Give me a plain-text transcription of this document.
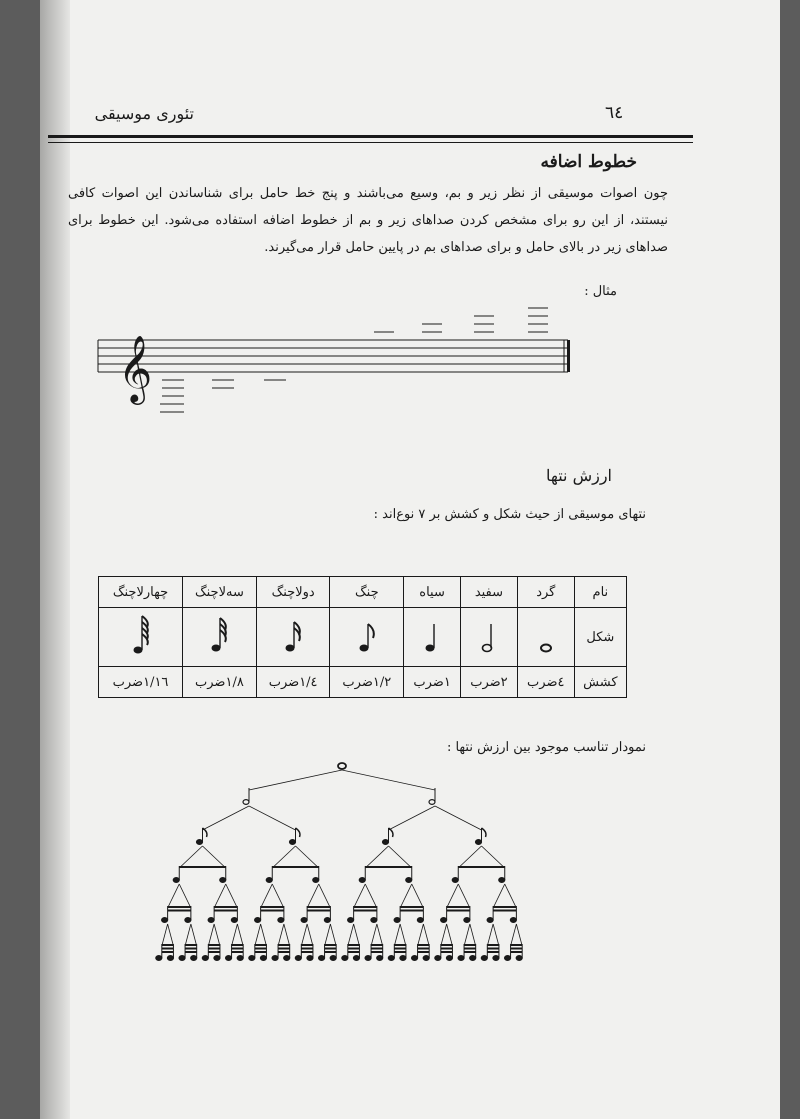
٦٤
تئوری موسیقی
خطوط اضافه
چون اصوات موسیقی از نظر زیر و بم، وسیع می‌باشند و پنج خط حامل برای شناساندن این اصوات کافی نیستند، از این رو برای مشخص کردن صداهای زیر و بم از خطوط اضافه استفاده می‌شود. این خطوط برای صداهای زیر در بالای حامل و برای صداهای بم در پایین حامل قرار می‌گیرند.
مثال :
𝄞
ارزش نتها
نتهای موسیقی از حیث شکل و کشش بر ۷ نوع‌اند :
نام	گرد	سفید	سیاه	چنگ	دولاچنگ	سه‌لاچنگ	چهارلاچنگ
شکل							
کشش	٤ضرب	٢ضرب	١ضرب	١/٢ضرب	١/٤ضرب	١/٨ضرب	١/١٦ضرب
نمودار تناسب موجود بین ارزش نتها :
